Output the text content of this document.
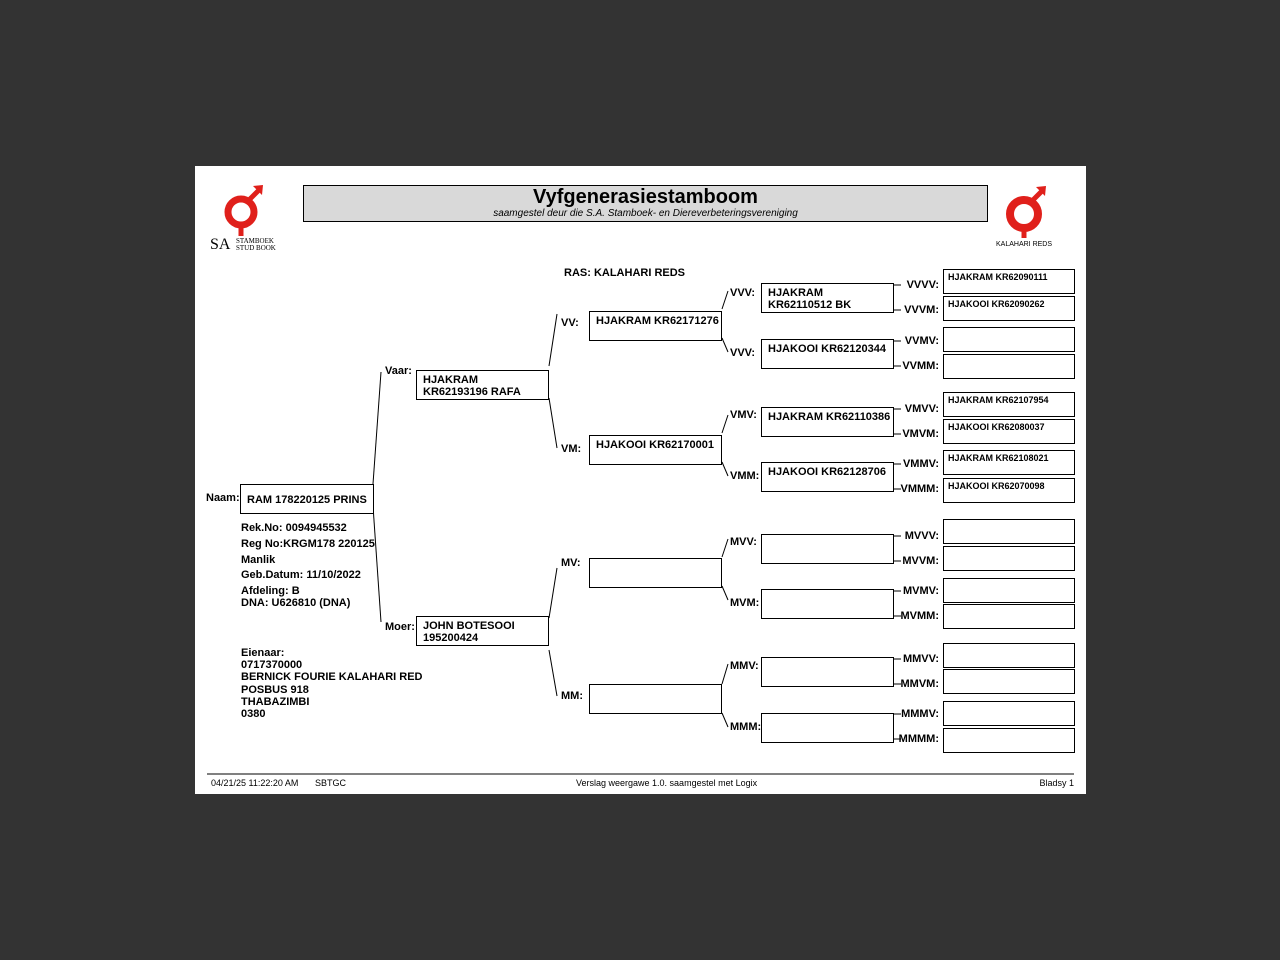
SA STAMBOEK
STUD BOOK
Vyfgenerasiestamboom
saamgestel deur die S.A. Stamboek- en Diereverbeteringsvereniging
KALAHARI REDS
RAS: KALAHARI REDS
Naam: RAM 178220125 PRINS
Rek.No: 0094945532
Reg No:KRGM178 220125
Manlik
Geb.Datum: 11/10/2022
Afdeling: B
DNA: U626810 (DNA)
Eienaar:
0717370000
BERNICK FOURIE KALAHARI RED
POSBUS 918
THABAZIMBI
0380
Vaar:
HJAKRAM
KR62193196 RAFA
Moer: JOHN BOTESOOI
195200424
VV:	HJAKRAM KR62171276
VM:	HJAKOOI KR62170001
MV:
MM:
VVV:	HJAKRAM
KR62110512 BK
VVV:	HJAKOOI KR62120344
VMV:	HJAKRAM KR62110386
VMM: HJAKOOI KR62128706
MVV:
MVM:
MMV:
MMM:
VVVV:
VVVM:
VVMV:
VVMM:
VMVV:
VMVM:
VMMV:
VMMM:
MVVV:
MVVM:
MVMV:
MVMM:
MMVV:
MMVM:
MMMV:
MMMM:
HJAKRAM KR62090111
HJAKOOI KR62090262
HJAKRAM KR62107954
HJAKOOI KR62080037
HJAKRAM KR62108021
HJAKOOI KR62070098
04/21/25 11:22:20 AM SBTGC	Verslag weergawe 1.0. saamgestel met Logix	Bladsy 1
